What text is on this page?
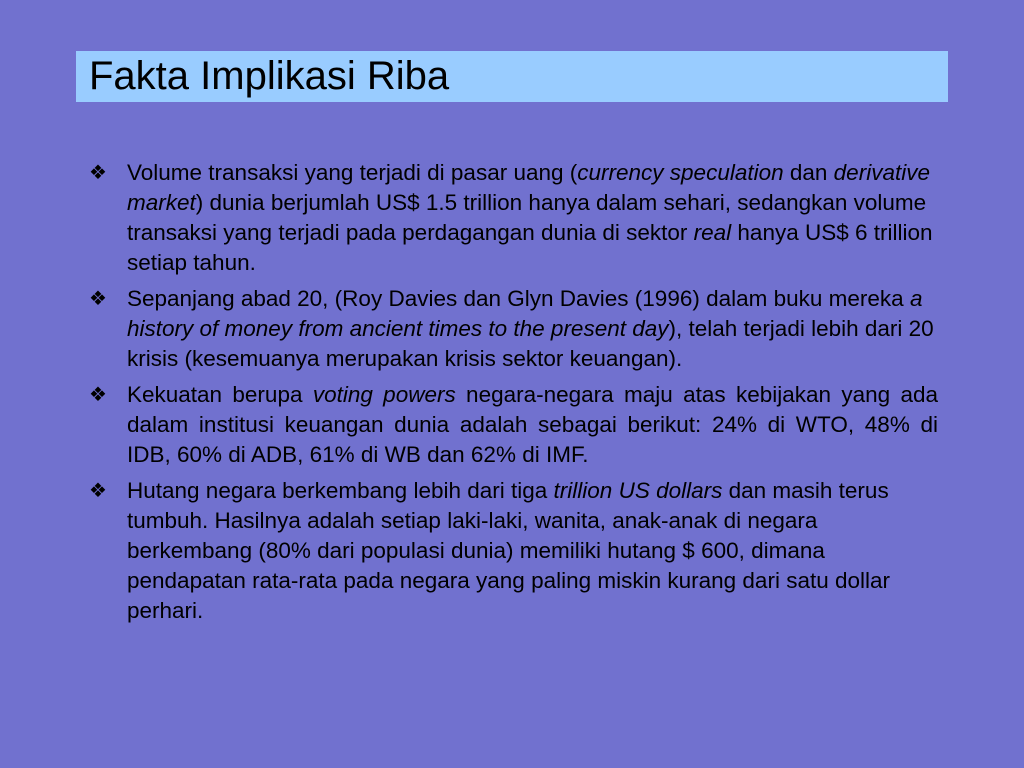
Fakta Implikasi Riba
❖ Volume transaksi yang terjadi di pasar uang (currency speculation dan derivative market) dunia berjumlah US$ 1.5 trillion hanya dalam sehari, sedangkan volume transaksi yang terjadi pada perdagangan dunia di sektor real hanya US$ 6 trillion setiap tahun.
❖ Sepanjang abad 20, (Roy Davies dan Glyn Davies (1996) dalam buku mereka a history of money from ancient times to the present day), telah terjadi lebih dari 20 krisis (kesemuanya merupakan krisis sektor keuangan).
❖ Kekuatan berupa voting powers negara-negara maju atas kebijakan yang ada dalam institusi keuangan dunia adalah sebagai berikut: 24% di WTO, 48% di IDB, 60% di ADB, 61% di WB dan 62% di IMF.
❖ Hutang negara berkembang lebih dari tiga trillion US dollars dan masih terus tumbuh. Hasilnya adalah setiap laki-laki, wanita, anak-anak di negara berkembang (80% dari populasi dunia) memiliki hutang $ 600, dimana pendapatan rata-rata pada negara yang paling miskin kurang dari satu dollar perhari.
